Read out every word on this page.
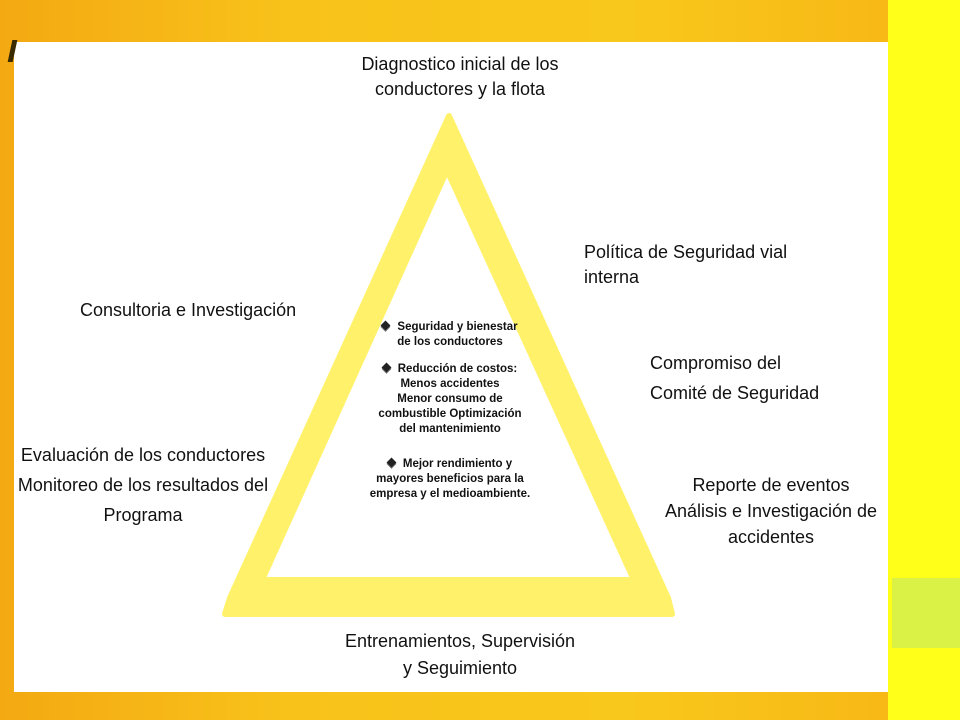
Diagnostico inicial de los
conductores y la flota
Política de Seguridad vial
interna
Compromiso del
Comité de Seguridad
Reporte de eventos
Análisis e Investigación de
accidentes
Consultoria e Investigación
Evaluación de los conductores
Monitoreo de los resultados del
Programa
Entrenamientos, Supervisión
y Seguimiento
Seguridad y bienestar
de los conductores
Reducción de costos:
Menos accidentes
Menor consumo de
combustible Optimización
del mantenimiento
Mejor rendimiento y
mayores beneficios para la
empresa y el medioambiente.
